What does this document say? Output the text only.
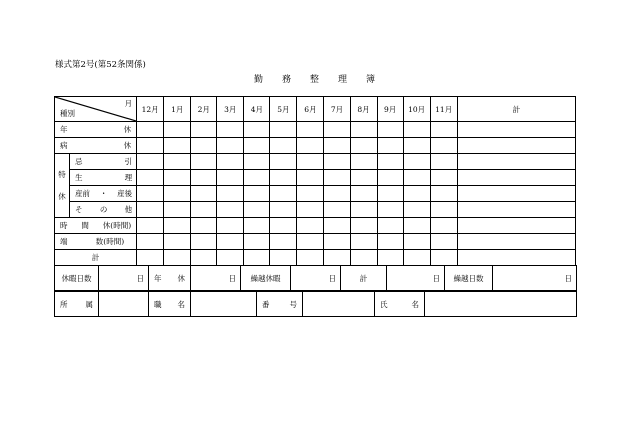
様式第2号(第52条関係)
勤 務 整 理 簿
月
種別		12月	1月	2月	3月	4月	5月	6月	7月	8月	9月	10月	11月	計

年 休														

病 休														

特
休	忌 引													

	生 理													

	産前 ・ 産後													

	そ の 他													

時 間 休(時間)														

端 数(時間)														

計														
休暇日数	日	年 休	日	繰越休暇	日	計	日	繰越日数	日
所 属		職 名		番	号		氏	名
